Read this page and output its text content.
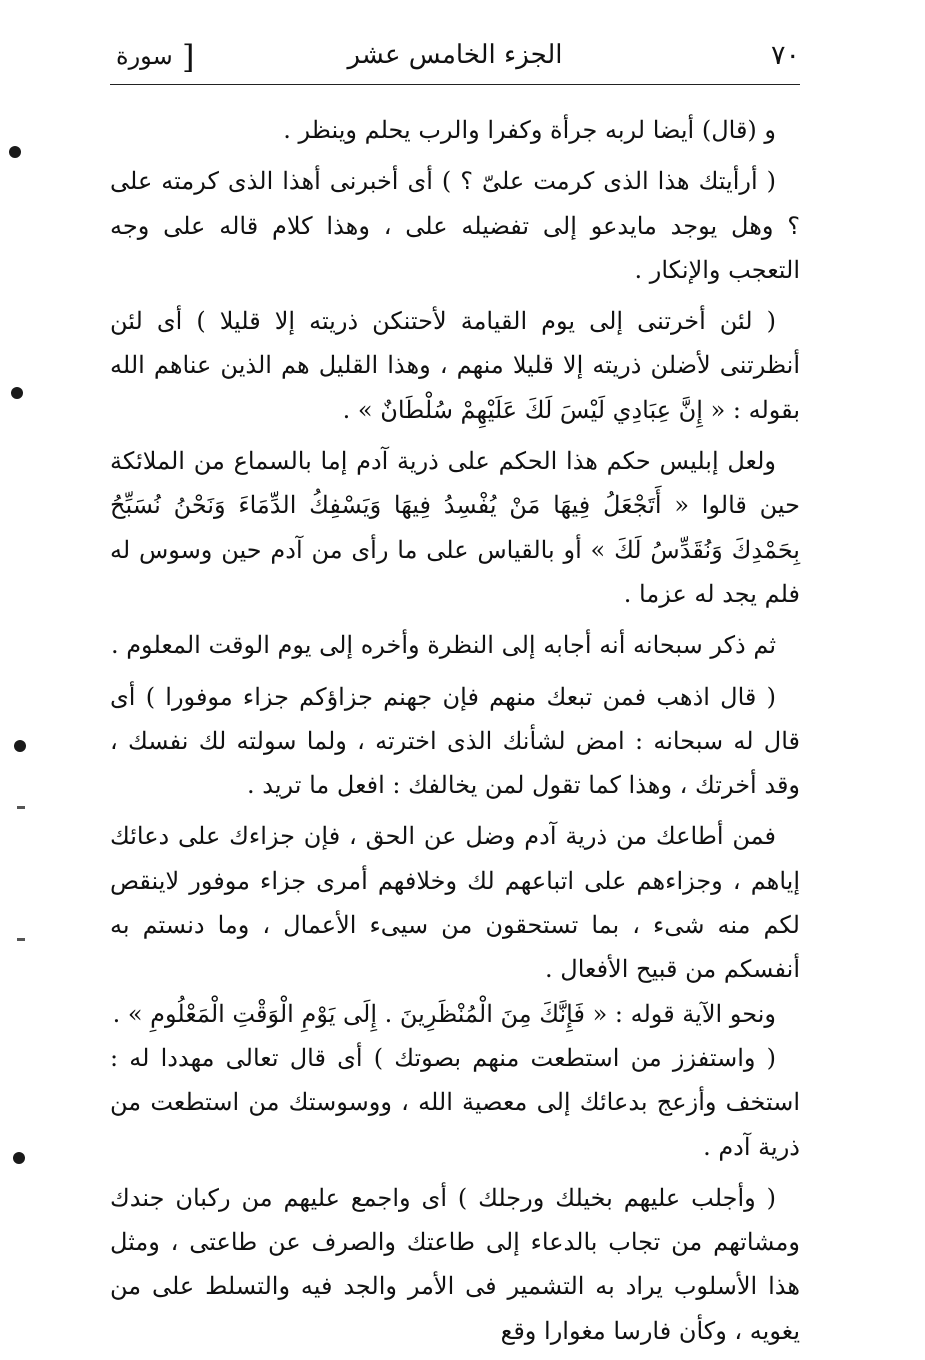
٧٠
الجزء الخامس عشر
[
سورة

و (قال) أيضا لربه جرأة وكفرا والرب يحلم وينظر .

( أرأيتك هذا الذى كرمت علىّ ؟ ) أى أخبرنى أهذا الذى كرمته على ؟ وهل يوجد مايدعو إلى تفضيله على ، وهذا كلام قاله على وجه التعجب والإنكار .

( لئن أخرتنى إلى يوم القيامة لأحتنكن ذريته إلا قليلا ) أى لئن أنظرتنى لأضلن ذريته إلا قليلا منهم ، وهذا القليل هم الذين عناهم الله بقوله : « إِنَّ عِبَادِي لَيْسَ لَكَ عَلَيْهِمْ سُلْطَانٌ » .

ولعل إبليس حكم هذا الحكم على ذرية آدم إما بالسماع من الملائكة حين قالوا « أَتَجْعَلُ فِيهَا مَنْ يُفْسِدُ فِيهَا وَيَسْفِكُ الدِّمَاءَ وَنَحْنُ نُسَبِّحُ بِحَمْدِكَ وَنُقَدِّسُ لَكَ » أو بالقياس على ما رأى من آدم حين وسوس له فلم يجد له عزما .

ثم ذكر سبحانه أنه أجابه إلى النظرة وأخره إلى يوم الوقت المعلوم .

( قال اذهب فمن تبعك منهم فإن جهنم جزاؤكم جزاء موفورا ) أى قال له سبحانه : امض لشأنك الذى اخترته ، ولما سولته لك نفسك ، وقد أخرتك ، وهذا كما تقول لمن يخالفك : افعل ما تريد .

فمن أطاعك من ذرية آدم وضل عن الحق ، فإن جزاءك على دعائك إياهم ، وجزاءهم على اتباعهم لك وخلافهم أمرى جزاء موفور لاينقص لكم منه شىء ، بما تستحقون من سيىء الأعمال ، وما دنستم به أنفسكم من قبيح الأفعال .

ونحو الآية قوله : « فَإِنَّكَ مِنَ الْمُنْظَرِينَ . إِلَى يَوْمِ الْوَقْتِ الْمَعْلُومِ » .

( واستفزز من استطعت منهم بصوتك ) أى قال تعالى مهددا له : استخف وأزعج بدعائك إلى معصية الله ، ووسوستك من استطعت من ذرية آدم .

( وأجلب عليهم بخيلك ورجلك ) أى واجمع عليهم من ركبان جندك ومشاتهم من تجاب بالدعاء إلى طاعتك والصرف عن طاعتى ، ومثل هذا الأسلوب يراد به التشمير فى الأمر والجد فيه والتسلط على من يغويه ، وكأن فارسا مغوارا وقع
